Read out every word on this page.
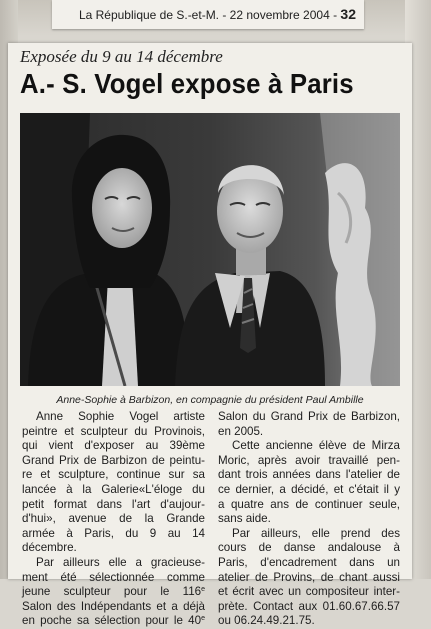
La République de S.-et-M. - 22 novembre 2004 - 32
Exposée du 9 au 14 décembre
A.- S. Vogel expose à Paris
Anne-Sophie à Barbizon, en compagnie du président Paul Ambille

Anne Sophie Vogel artiste
peintre et sculpteur du Provinois,
qui vient d'exposer au 39ème
Grand Prix de Barbizon de peintu-
re et sculpture, continue sur sa
lancée à la Galerie«L'éloge du
petit format dans l'art d'aujour-
d'hui», avenue de la Grande
armée à Paris, du 9 au 14
décembre.
Par ailleurs elle a gracieuse-
ment été sélectionnée comme
jeune sculpteur pour le 116e
Salon des Indépendants et a déjà
en poche sa sélection pour le 40e

Salon du Grand Prix de Barbizon,
en 2005.
Cette ancienne élève de Mirza
Moric, après avoir travaillé pen-
dant trois années dans l'atelier de
ce dernier, a décidé, et c'était il y
a quatre ans de continuer seule,
sans aide.
Par ailleurs, elle prend des
cours de danse andalouse à
Paris, d'encadrement dans un
atelier de Provins, de chant aussi
et écrit avec un compositeur inter-
prète. Contact aux 01.60.67.66.57
ou 06.24.49.21.75.
